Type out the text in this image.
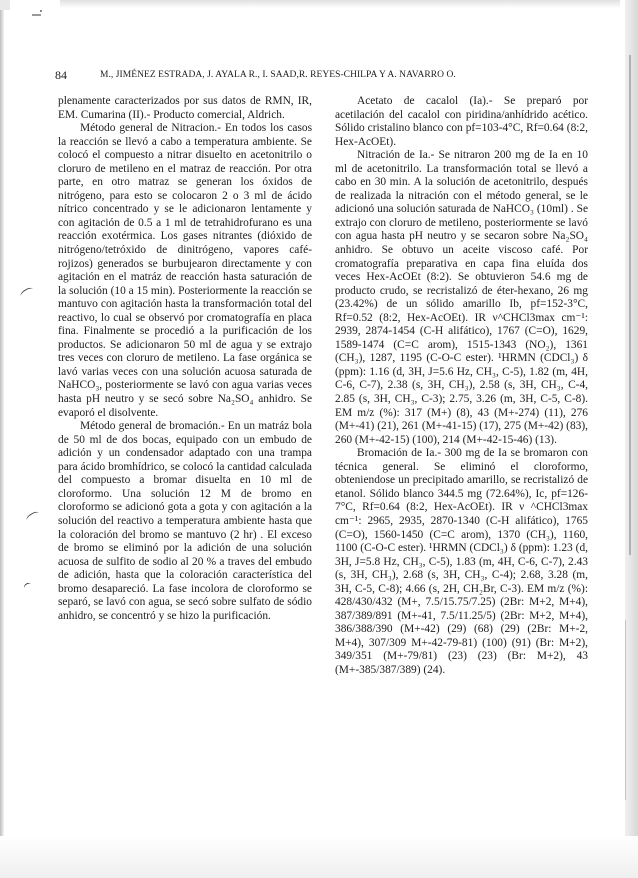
84	M., JIMÉNEZ ESTRADA, J. AYALA R., I. SAAD,R. REYES-CHILPA Y A. NAVARRO O.

plenamente caracterizados por sus datos de RMN, IR, EM. Cumarina (II).- Producto comercial, Aldrich.

Método general de Nitracion.- En todos los casos la reacción se llevó a cabo a temperatura ambiente. Se colocó el compuesto a nitrar disuelto en acetonitrilo o cloruro de metileno en el matraz de reacción. Por otra parte, en otro matraz se generan los óxidos de nitrógeno, para esto se colocaron 2 o 3 ml de ácido nítrico concentrado y se le adicionaron lentamente y con agitación de 0.5 a 1 ml de tetrahidrofurano es una reacción exotérmica. Los gases nitrantes (dióxido de nitrógeno/tetróxido de dinitrógeno, vapores café-rojizos) generados se burbujearon directamente y con agitación en el matráz de reacción hasta saturación de la solución (10 a 15 min). Posteriormente la reacción se mantuvo con agitación hasta la transformación total del reactivo, lo cual se observó por cromatografía en placa fina. Finalmente se procedió a la purificación de los productos. Se adicionaron 50 ml de agua y se extrajo tres veces con cloruro de metileno. La fase orgánica se lavó varias veces con una solución acuosa saturada de NaHCO₃, posteriormente se lavó con agua varias veces hasta pH neutro y se secó sobre Na₂SO₄ anhidro. Se evaporó el disolvente.

Método general de bromación.- En un matráz bola de 50 ml de dos bocas, equipado con un embudo de adición y un condensador adaptado con una trampa para ácido bromhídrico, se colocó la cantidad calculada del compuesto a bromar disuelta en 10 ml de cloroformo. Una solución 12 M de bromo en cloroformo se adicionó gota a gota y con agitación a la solución del reactivo a temperatura ambiente hasta que la coloración del bromo se mantuvo (2 hr) . El exceso de bromo se eliminó por la adición de una solución acuosa de sulfito de sodio al 20 % a traves del embudo de adición, hasta que la coloración característica del bromo desapareció. La fase incolora de cloroformo se separó, se lavó con agua, se secó sobre sulfato de sódio anhidro, se concentró y se hizo la purificación.

Acetato de cacalol (Ia).- Se preparó por acetilación del cacalol con piridina/anhídrido acético. Sólido cristalino blanco con pf=103-4°C, Rf=0.64 (8:2, Hex-AcOEt).

Nitración de Ia.- Se nitraron 200 mg de Ia en 10 ml de acetonitrilo. La transformación total se llevó a cabo en 30 min. A la solución de acetonitrilo, después de realizada la nitración con el método general, se le adicionó una solución saturada de NaHCO₃ (10ml) . Se extrajo con cloruro de metileno, posteriormente se lavó con agua hasta pH neutro y se secaron sobre Na₂SO₄ anhidro. Se obtuvo un aceite viscoso café. Por cromatografía preparativa en capa fina eluída dos veces Hex-AcOEt (8:2). Se obtuvieron 54.6 mg de producto crudo, se recristalizó de éter-hexano, 26 mg (23.42%) de un sólido amarillo Ib, pf=152-3°C, Rf=0.52 (8:2, Hex-AcOEt). IR ν^CHCl3max cm⁻¹: 2939, 2874-1454 (C-H alifático), 1767 (C=O), 1629, 1589-1474 (C=C arom), 1515-1343 (NO₂), 1361 (CH₃), 1287, 1195 (C-O-C ester). ¹HRMN (CDCl₃) δ (ppm): 1.16 (d, 3H, J=5.6 Hz, CH₃, C-5), 1.82 (m, 4H, C-6, C-7), 2.38 (s, 3H, CH₃), 2.58 (s, 3H, CH₃, C-4, 2.85 (s, 3H, CH₃, C-3); 2.75, 3.26 (m, 3H, C-5, C-8). EM m/z (%): 317 (M+) (8), 43 (M+-274) (11), 276 (M+-41) (21), 261 (M+-41-15) (17), 275 (M+-42) (83), 260 (M+-42-15) (100), 214 (M+-42-15-46) (13).

Bromación de Ia.- 300 mg de Ia se bromaron con técnica general. Se eliminó el cloroformo, obteniendose un precipitado amarillo, se recristalizó de etanol. Sólido blanco 344.5 mg (72.64%), Ic, pf=126-7°C, Rf=0.64 (8:2, Hex-AcOEt). IR ν ^CHCl3max cm⁻¹: 2965, 2935, 2870-1340 (C-H alifático), 1765 (C=O), 1560-1450 (C=C arom), 1370 (CH₃), 1160, 1100 (C-O-C ester). ¹HRMN (CDCl₃) δ (ppm): 1.23 (d, 3H, J=5.8 Hz, CH₃, C-5), 1.83 (m, 4H, C-6, C-7), 2.43 (s, 3H, CH₃), 2.68 (s, 3H, CH₃, C-4); 2.68, 3.28 (m, 3H, C-5, C-8); 4.66 (s, 2H, CH₂Br, C-3). EM m/z (%): 428/430/432 (M+, 7.5/15.75/7.25) (2Br: M+2, M+4), 387/389/891 (M+-41, 7.5/11.25/5) (2Br: M+2, M+4), 386/388/390 (M+-42) (29) (68) (29) (2Br: M+-2, M+4), 307/309 M+-42-79-81) (100) (91) (Br: M+2), 349/351 (M+-79/81) (23) (23) (Br: M+2), 43 (M+-385/387/389) (24).
